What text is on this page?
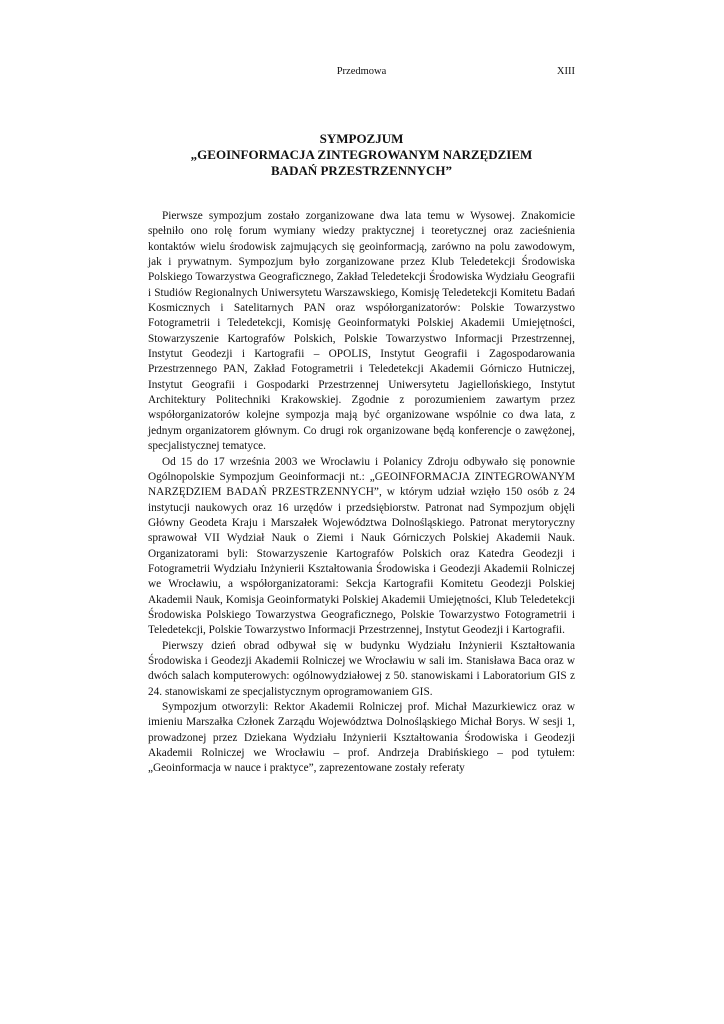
Przedmowa	XIII
SYMPOZJUM
„GEOINFORMACJA ZINTEGROWANYM NARZĘDZIEM
BADAŃ PRZESTRZENNYCH”

Pierwsze sympozjum zostało zorganizowane dwa lata temu w Wysowej. Znakomicie spełniło ono rolę forum wymiany wiedzy praktycznej i teoretycznej oraz zacieśnienia kontaktów wielu środowisk zajmujących się geoinformacją, zarówno na polu zawodowym, jak i prywatnym. Sympozjum było zorganizowane przez Klub Teledetekcji Środowiska Polskiego Towarzystwa Geograficznego, Zakład Teledetekcji Środowiska Wydziału Geografii i Studiów Regionalnych Uniwersytetu Warszawskiego, Komisję Teledetekcji Komitetu Badań Kosmicznych i Satelitarnych PAN oraz współorganizatorów: Polskie Towarzystwo Fotogrametrii i Teledetekcji, Komisję Geoinformatyki Polskiej Akademii Umiejętności, Stowarzyszenie Kartografów Polskich, Polskie Towarzystwo Informacji Przestrzennej, Instytut Geodezji i Kartografii – OPOLIS, Instytut Geografii i Zagospodarowania Przestrzennego PAN, Zakład Fotogrametrii i Teledetekcji Akademii Górniczo Hutniczej, Instytut Geografii i Gospodarki Przestrzennej Uniwersytetu Jagiellońskiego, Instytut Architektury Politechniki Krakowskiej. Zgodnie z porozumieniem zawartym przez współorganizatorów kolejne sympozja mają być organizowane wspólnie co dwa lata, z jednym organizatorem głównym. Co drugi rok organizowane będą konferencje o zawężonej, specjalistycznej tematyce.

Od 15 do 17 września 2003 we Wrocławiu i Polanicy Zdroju odbywało się ponownie Ogólnopolskie Sympozjum Geoinformacji nt.: „GEOINFORMACJA ZINTEGROWANYM NARZĘDZIEM BADAŃ PRZESTRZENNYCH”, w którym udział wzięło 150 osób z 24 instytucji naukowych oraz 16 urzędów i przedsiębiorstw. Patronat nad Sympozjum objęli Główny Geodeta Kraju i Marszałek Województwa Dolnośląskiego. Patronat merytoryczny sprawował VII Wydział Nauk o Ziemi i Nauk Górniczych Polskiej Akademii Nauk. Organizatorami byli: Stowarzyszenie Kartografów Polskich oraz Katedra Geodezji i Fotogrametrii Wydziału Inżynierii Kształtowania Środowiska i Geodezji Akademii Rolniczej we Wrocławiu, a współorganizatorami: Sekcja Kartografii Komitetu Geodezji Polskiej Akademii Nauk, Komisja Geoinformatyki Polskiej Akademii Umiejętności, Klub Teledetekcji Środowiska Polskiego Towarzystwa Geograficznego, Polskie Towarzystwo Fotogrametrii i Teledetekcji, Polskie Towarzystwo Informacji Przestrzennej, Instytut Geodezji i Kartografii.

Pierwszy dzień obrad odbywał się w budynku Wydziału Inżynierii Kształtowania Środowiska i Geodezji Akademii Rolniczej we Wrocławiu w sali im. Stanisława Baca oraz w dwóch salach komputerowych: ogólnowydziałowej z 50. stanowiskami i Laboratorium GIS z 24. stanowiskami ze specjalistycznym oprogramowaniem GIS.

Sympozjum otworzyli: Rektor Akademii Rolniczej prof. Michał Mazurkiewicz oraz w imieniu Marszałka Członek Zarządu Województwa Dolnośląskiego Michał Borys. W sesji 1, prowadzonej przez Dziekana Wydziału Inżynierii Kształtowania Środowiska i Geodezji Akademii Rolniczej we Wrocławiu – prof. Andrzeja Drabińskiego – pod tytułem: „Geoinformacja w nauce i praktyce”, zaprezentowane zostały referaty
